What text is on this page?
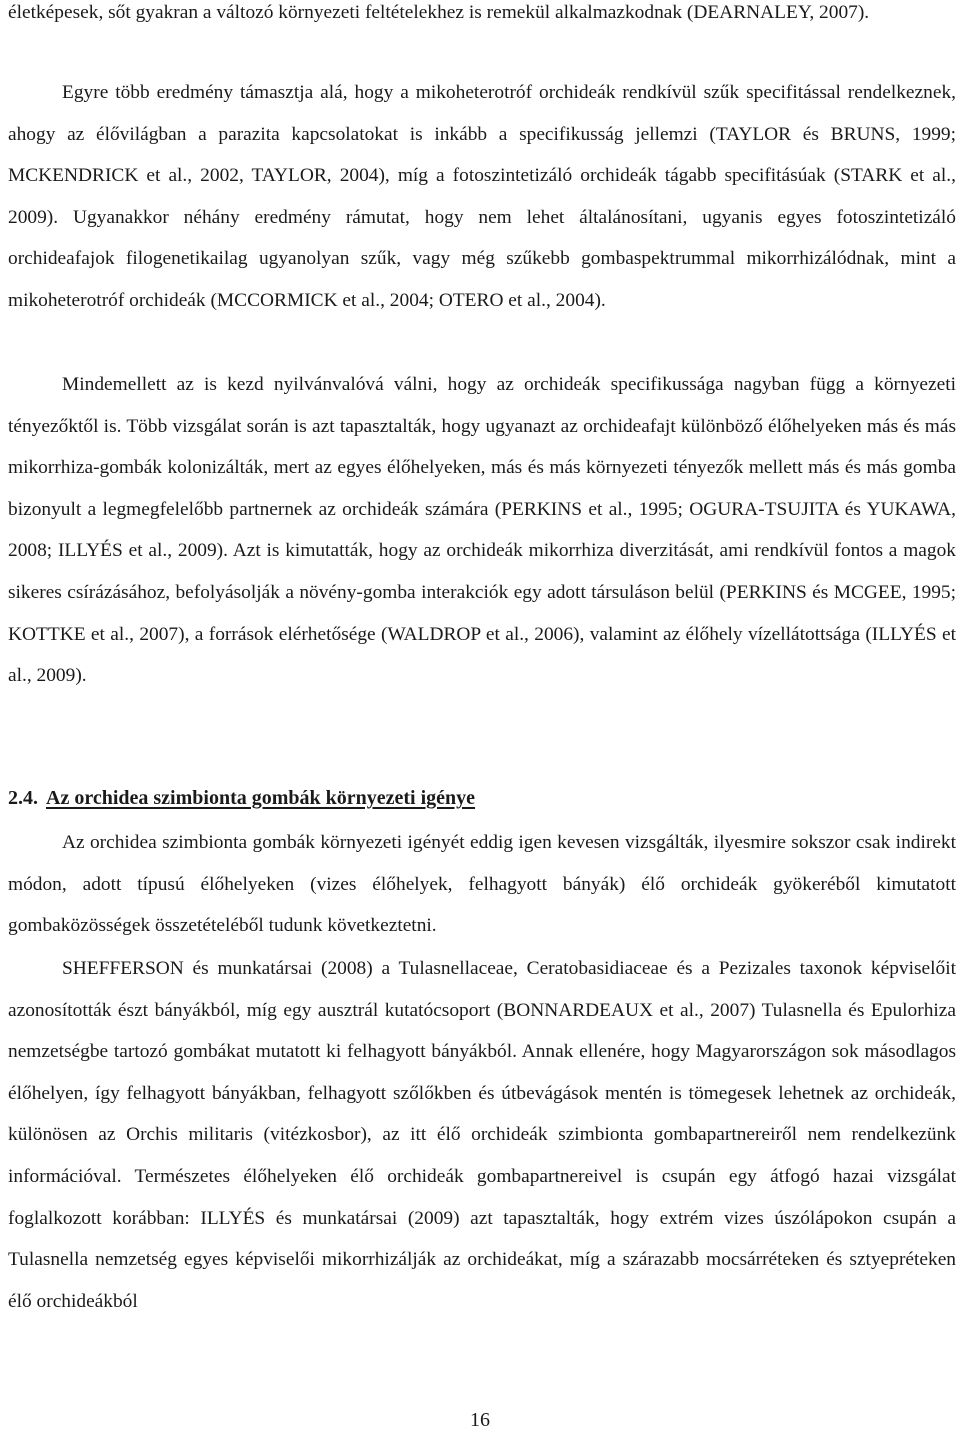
életképesek, sőt gyakran a változó környezeti feltételekhez is remekül alkalmazkodnak (DEARNALEY, 2007).

Egyre több eredmény támasztja alá, hogy a mikoheterotróf orchideák rendkívül szűk specifitással rendelkeznek, ahogy az élővilágban a parazita kapcsolatokat is inkább a specifikusság jellemzi (TAYLOR és BRUNS, 1999; MCKENDRICK et al., 2002, TAYLOR, 2004), míg a fotoszintetizáló orchideák tágabb specifitásúak (STARK et al., 2009). Ugyanakkor néhány eredmény rámutat, hogy nem lehet általánosítani, ugyanis egyes fotoszintetizáló orchideafajok filogenetikailag ugyanolyan szűk, vagy még szűkebb gombaspektrummal mikorrhizálódnak, mint a mikoheterotróf orchideák (MCCORMICK et al., 2004; OTERO et al., 2004).

Mindemellett az is kezd nyilvánvalóvá válni, hogy az orchideák specifikussága nagyban függ a környezeti tényezőktől is. Több vizsgálat során is azt tapasztalták, hogy ugyanazt az orchideafajt különböző élőhelyeken más és más mikorrhiza-gombák kolonizálták, mert az egyes élőhelyeken, más és más környezeti tényezők mellett más és más gomba bizonyult a legmegfelelőbb partnernek az orchideák számára (PERKINS et al., 1995; OGURA-TSUJITA és YUKAWA, 2008; ILLYÉS et al., 2009). Azt is kimutatták, hogy az orchideák mikorrhiza diverzitását, ami rendkívül fontos a magok sikeres csírázásához, befolyásolják a növény-gomba interakciók egy adott társuláson belül (PERKINS és MCGEE, 1995; KOTTKE et al., 2007), a források elérhetősége (WALDROP et al., 2006), valamint az élőhely vízellátottsága (ILLYÉS et al., 2009).

2.4. Az orchidea szimbionta gombák környezeti igénye

Az orchidea szimbionta gombák környezeti igényét eddig igen kevesen vizsgálták, ilyesmire sokszor csak indirekt módon, adott típusú élőhelyeken (vizes élőhelyek, felhagyott bányák) élő orchideák gyökeréből kimutatott gombaközösségek összetételéből tudunk következtetni.

SHEFFERSON és munkatársai (2008) a Tulasnellaceae, Ceratobasidiaceae és a Pezizales taxonok képviselőit azonosították észt bányákból, míg egy ausztrál kutatócsoport (BONNARDEAUX et al., 2007) Tulasnella és Epulorhiza nemzetségbe tartozó gombákat mutatott ki felhagyott bányákból. Annak ellenére, hogy Magyarországon sok másodlagos élőhelyen, így felhagyott bányákban, felhagyott szőlőkben és útbevágások mentén is tömegesek lehetnek az orchideák, különösen az Orchis militaris (vitézkosbor), az itt élő orchideák szimbionta gombapartnereiről nem rendelkezünk információval. Természetes élőhelyeken élő orchideák gombapartnereivel is csupán egy átfogó hazai vizsgálat foglalkozott korábban: ILLYÉS és munkatársai (2009) azt tapasztalták, hogy extrém vizes úszólápokon csupán a Tulasnella nemzetség egyes képviselői mikorrhizálják az orchideákat, míg a szárazabb mocsárréteken és sztyeprétеken élő orchideákból

16
